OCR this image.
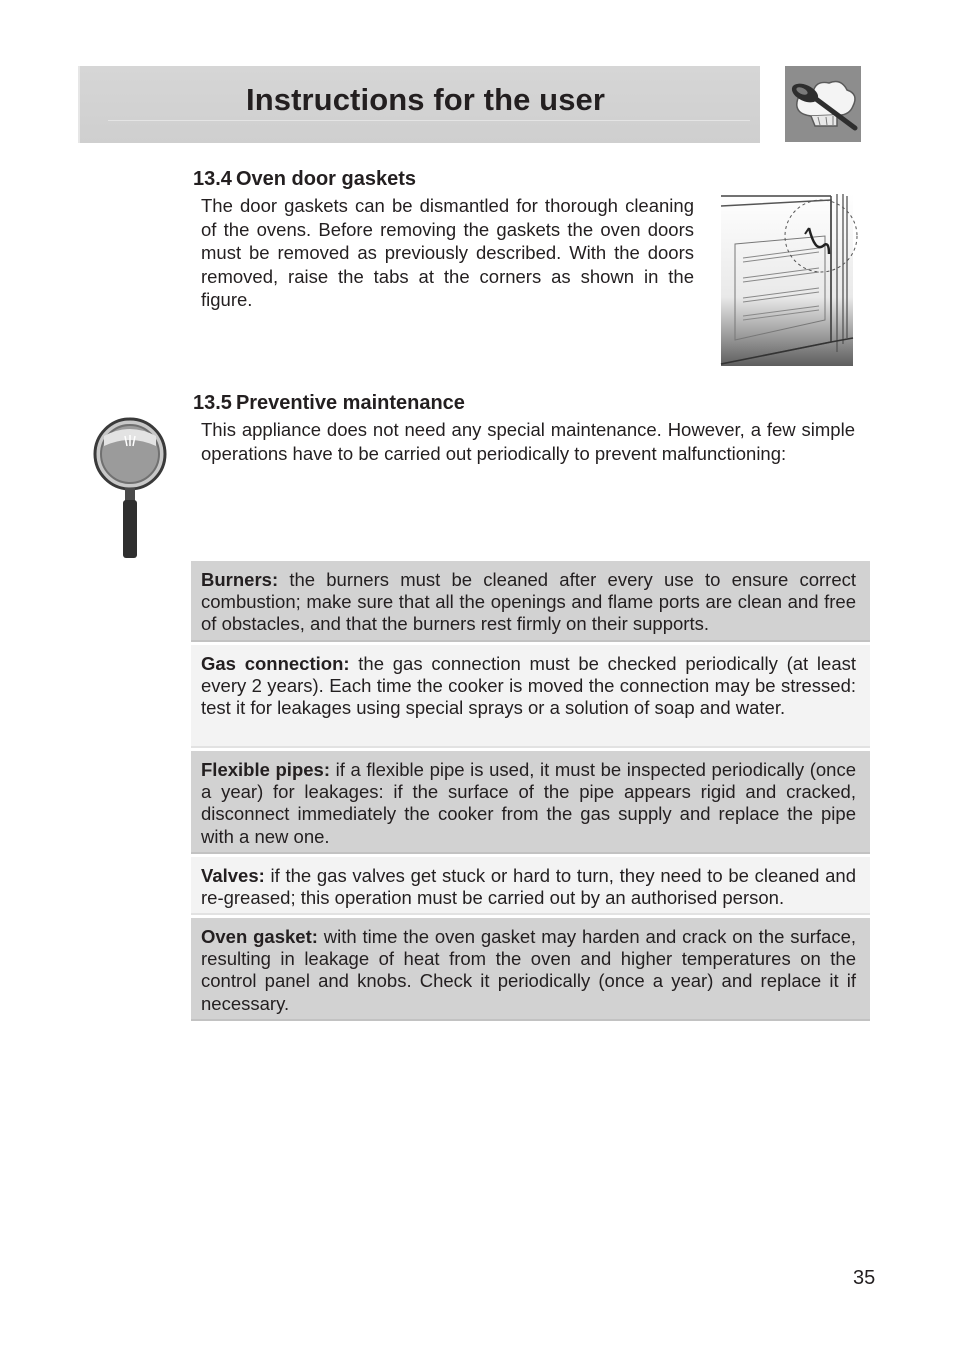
Instructions for the user
13.4 Oven door gaskets

The door gaskets can be dismantled for thorough cleaning of the ovens. Before removing the gaskets the oven doors must be removed as previously described. With the doors removed, raise the tabs at the corners as shown in the figure.

13.5 Preventive maintenance

This appliance does not need any special maintenance. However, a few simple operations have to be carried out periodically to prevent malfunctioning:

Burners: the burners must be cleaned after every use to ensure correct combustion; make sure that all the openings and flame ports are clean and free of obstacles, and that the burners rest firmly on their supports.
Gas connection: the gas connection must be checked periodically (at least every 2 years). Each time the cooker is moved the connection may be stressed: test it for leakages using special sprays or a solution of soap and water.
Flexible pipes: if a flexible pipe is used, it must be inspected periodically (once a year) for leakages: if the surface of the pipe appears rigid and cracked, disconnect immediately the cooker from the gas supply and replace the pipe with a new one.
Valves: if the gas valves get stuck or hard to turn, they need to be cleaned and re-greased; this operation must be carried out by an authorised person.
Oven gasket: with time the oven gasket may harden and crack on the surface, resulting in leakage of heat from the oven and higher temperatures on the control panel and knobs. Check it periodically (once a year) and replace it if necessary.
35
